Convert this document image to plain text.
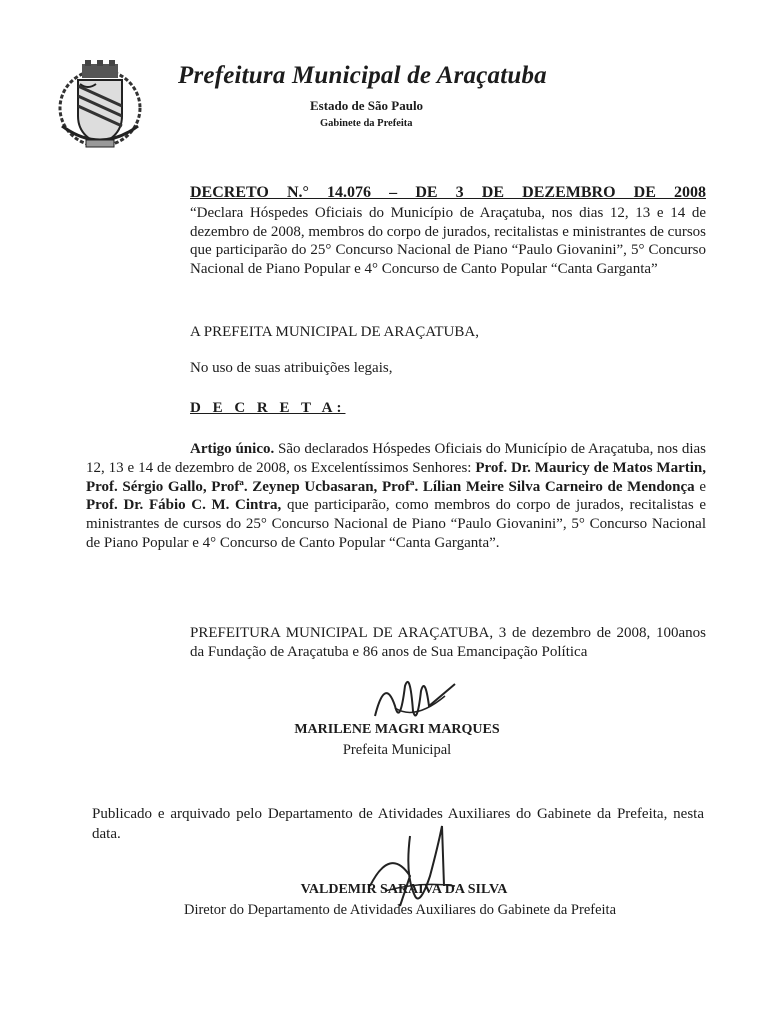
Prefeitura Municipal de Araçatuba
Estado de São Paulo
Gabinete da Prefeita
DECRETO N.° 14.076 – DE 3 DE DEZEMBRO DE 2008
“Declara Hóspedes Oficiais do Município de Araçatuba, nos dias 12, 13 e 14 de dezembro de 2008, membros do corpo de jurados, recitalistas e ministrantes de cursos que participarão do 25° Concurso Nacional de Piano “Paulo Giovanini”, 5° Concurso Nacional de Piano Popular e 4° Concurso de Canto Popular “Canta Garganta”
A PREFEITA MUNICIPAL DE ARAÇATUBA,
No uso de suas atribuições legais,
D E C R E T A:
Artigo único. São declarados Hóspedes Oficiais do Município de Araçatuba, nos dias 12, 13 e 14 de dezembro de 2008, os Excelentíssimos Senhores: Prof. Dr. Mauricy de Matos Martin, Prof. Sérgio Gallo, Profª. Zeynep Ucbasaran, Profª. Lílian Meire Silva Carneiro de Mendonça e Prof. Dr. Fábio C. M. Cintra, que participarão, como membros do corpo de jurados, recitalistas e ministrantes de cursos do 25° Concurso Nacional de Piano “Paulo Giovanini”, 5° Concurso Nacional de Piano Popular e 4° Concurso de Canto Popular “Canta Garganta”.
PREFEITURA MUNICIPAL DE ARAÇATUBA, 3 de dezembro de 2008, 100anos da Fundação de Araçatuba e 86 anos de Sua Emancipação Política
MARILENE MAGRI MARQUES
Prefeita Municipal
Publicado e arquivado pelo Departamento de Atividades Auxiliares do Gabinete da Prefeita, nesta data.
VALDEMIR SARAIVA DA SILVA
Diretor do Departamento de Atividades Auxiliares do Gabinete da Prefeita
